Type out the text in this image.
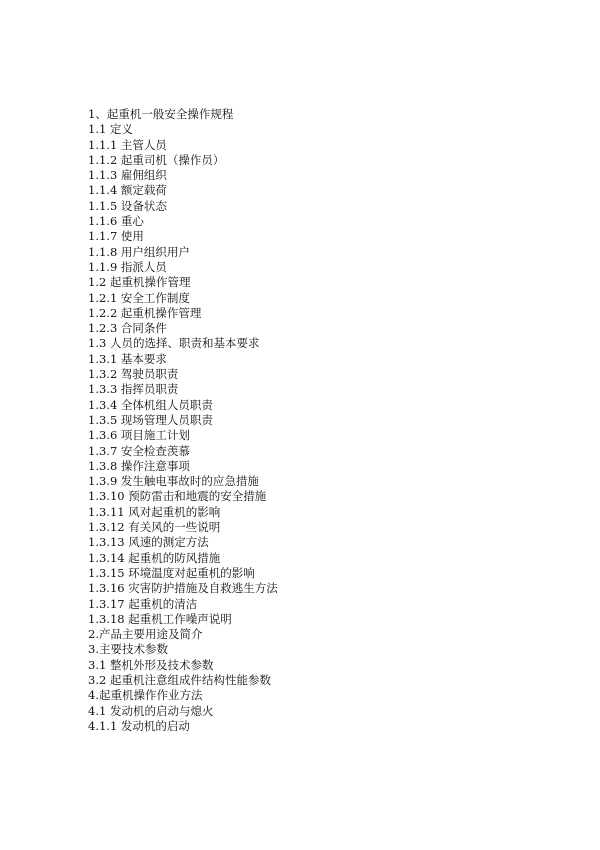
1、起重机一般安全操作规程
1.1 定义
1.1.1 主管人员
1.1.2 起重司机（操作员）
1.1.3 雇佣组织
1.1.4 额定载荷
1.1.5 设备状态
1.1.6 重心
1.1.7 使用
1.1.8 用户组织用户
1.1.9 指派人员
1.2 起重机操作管理
1.2.1 安全工作制度
1.2.2 起重机操作管理
1.2.3 合同条件
1.3 人员的选择、职责和基本要求
1.3.1 基本要求
1.3.2 驾驶员职责
1.3.3 指挥员职责
1.3.4 全体机组人员职责
1.3.5 现场管理人员职责
1.3.6 项目施工计划
1.3.7 安全检查羡慕
1.3.8 操作注意事项
1.3.9 发生触电事故时的应急措施
1.3.10 预防雷击和地震的安全措施
1.3.11 风对起重机的影响
1.3.12 有关风的一些说明
1.3.13 风速的测定方法
1.3.14 起重机的防风措施
1.3.15 环境温度对起重机的影响
1.3.16 灾害防护措施及自救逃生方法
1.3.17 起重机的清洁
1.3.18 起重机工作噪声说明
2.产品主要用途及简介
3.主要技术参数
3.1 整机外形及技术参数
3.2 起重机注意组成件结构性能参数
4.起重机操作作业方法
4.1 发动机的启动与熄火
4.1.1 发动机的启动
